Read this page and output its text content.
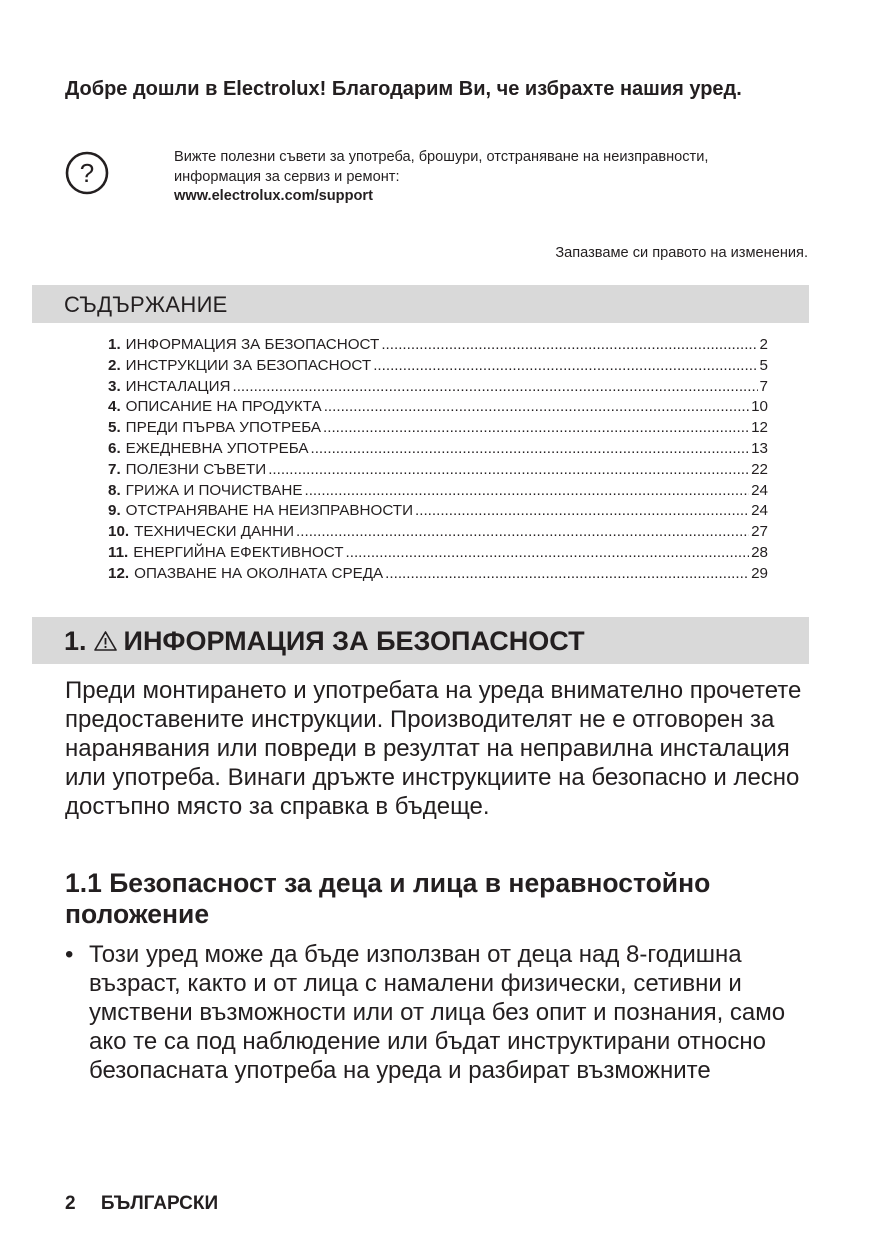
Добре дошли в Electrolux! Благодарим Ви, че избрахте нашия уред.
?
Вижте полезни съвети за употреба, брошури, отстраняване на неизправности,
информация за сервиз и ремонт:
www.electrolux.com/support
Запазваме си правото на изменения.
СЪДЪРЖАНИЕ
1. ИНФОРМАЦИЯ ЗА БЕЗОПАСНОСТ .....	2
2. ИНСТРУКЦИИ ЗА БЕЗОПАСНОСТ .....	5
3. ИНСТАЛАЦИЯ .....	7
4. ОПИСАНИЕ НА ПРОДУКТА .....	10
5. ПРЕДИ ПЪРВА УПОТРЕБА .....	12
6. ЕЖЕДНЕВНА УПОТРЕБА .....	13
7. ПОЛЕЗНИ СЪВЕТИ .....	22
8. ГРИЖА И ПОЧИСТВАНЕ .....	24
9. ОТСТРАНЯВАНЕ НА НЕИЗПРАВНОСТИ .....	24
10. ТЕХНИЧЕСКИ ДАННИ .....	27
11. ЕНЕРГИЙНА ЕФЕКТИВНОСТ .....	28
12. ОПАЗВАНЕ НА ОКОЛНАТА СРЕДА .....	29
1. ИНФОРМАЦИЯ ЗА БЕЗОПАСНОСТ

Преди монтирането и употребата на уреда внимателно прочетете предоставените инструкции. Производителят не е отговорен за наранявания или повреди в резултат на неправилна инсталация или употреба. Винаги дръжте инструкциите на безопасно и лесно достъпно място за справка в бъдеще.

1.1 Безопасност за деца и лица в неравностойно положение
• Този уред може да бъде използван от деца над 8-годишна възраст, както и от лица с намалени физически, сетивни и умствени възможности или от лица без опит и познания, само ако те са под наблюдение или бъдат инструктирани относно безопасната употреба на уреда и разбират възможните
2 БЪЛГАРСКИ
